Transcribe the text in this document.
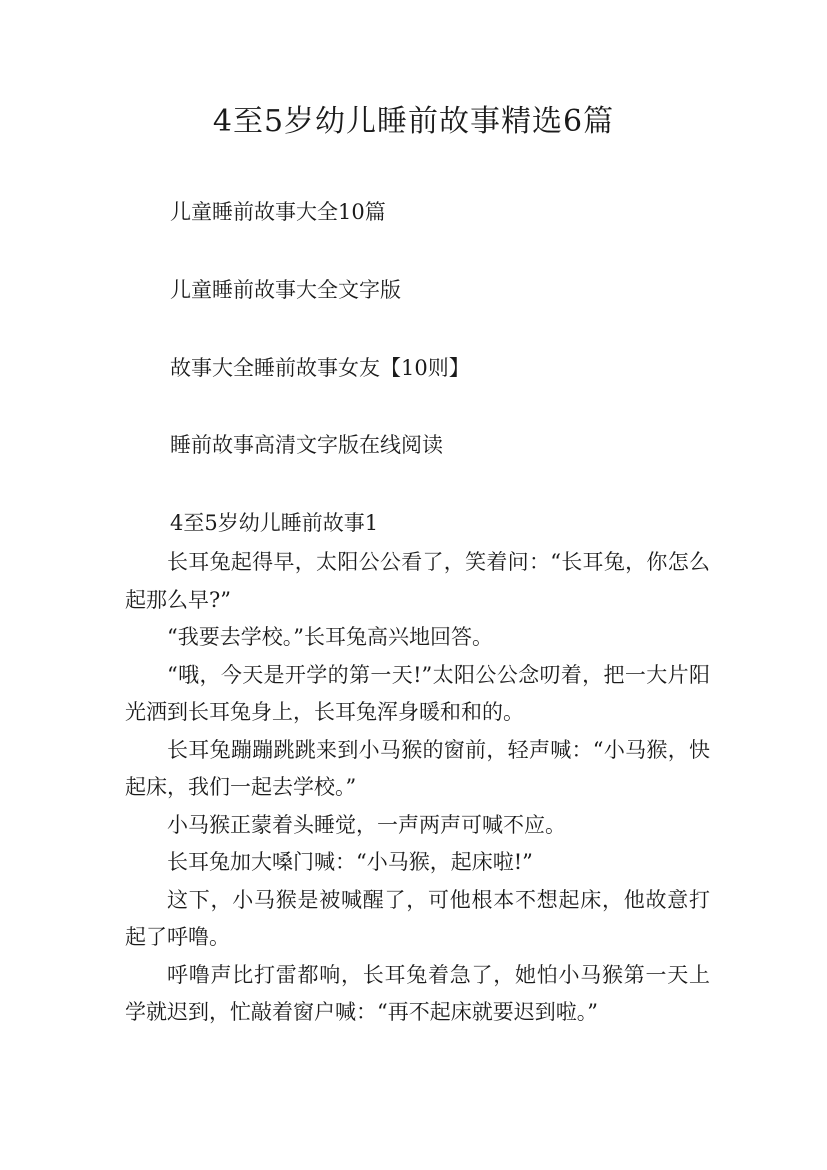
4至5岁幼儿睡前故事精选6篇
儿童睡前故事大全10篇
儿童睡前故事大全文字版
故事大全睡前故事女友【10则】
睡前故事高清文字版在线阅读
4至5岁幼儿睡前故事1

长耳兔起得早，太阳公公看了，笑着问：“长耳兔，你怎么起那么早?”

“我要去学校。”长耳兔高兴地回答。

“哦，今天是开学的第一天!”太阳公公念叨着，把一大片阳光洒到长耳兔身上，长耳兔浑身暖和和的。

长耳兔蹦蹦跳跳来到小马猴的窗前，轻声喊：“小马猴，快起床，我们一起去学校。”

小马猴正蒙着头睡觉，一声两声可喊不应。

长耳兔加大嗓门喊：“小马猴，起床啦!”

这下，小马猴是被喊醒了，可他根本不想起床，他故意打起了呼噜。

呼噜声比打雷都响，长耳兔着急了，她怕小马猴第一天上学就迟到，忙敲着窗户喊：“再不起床就要迟到啦。”
